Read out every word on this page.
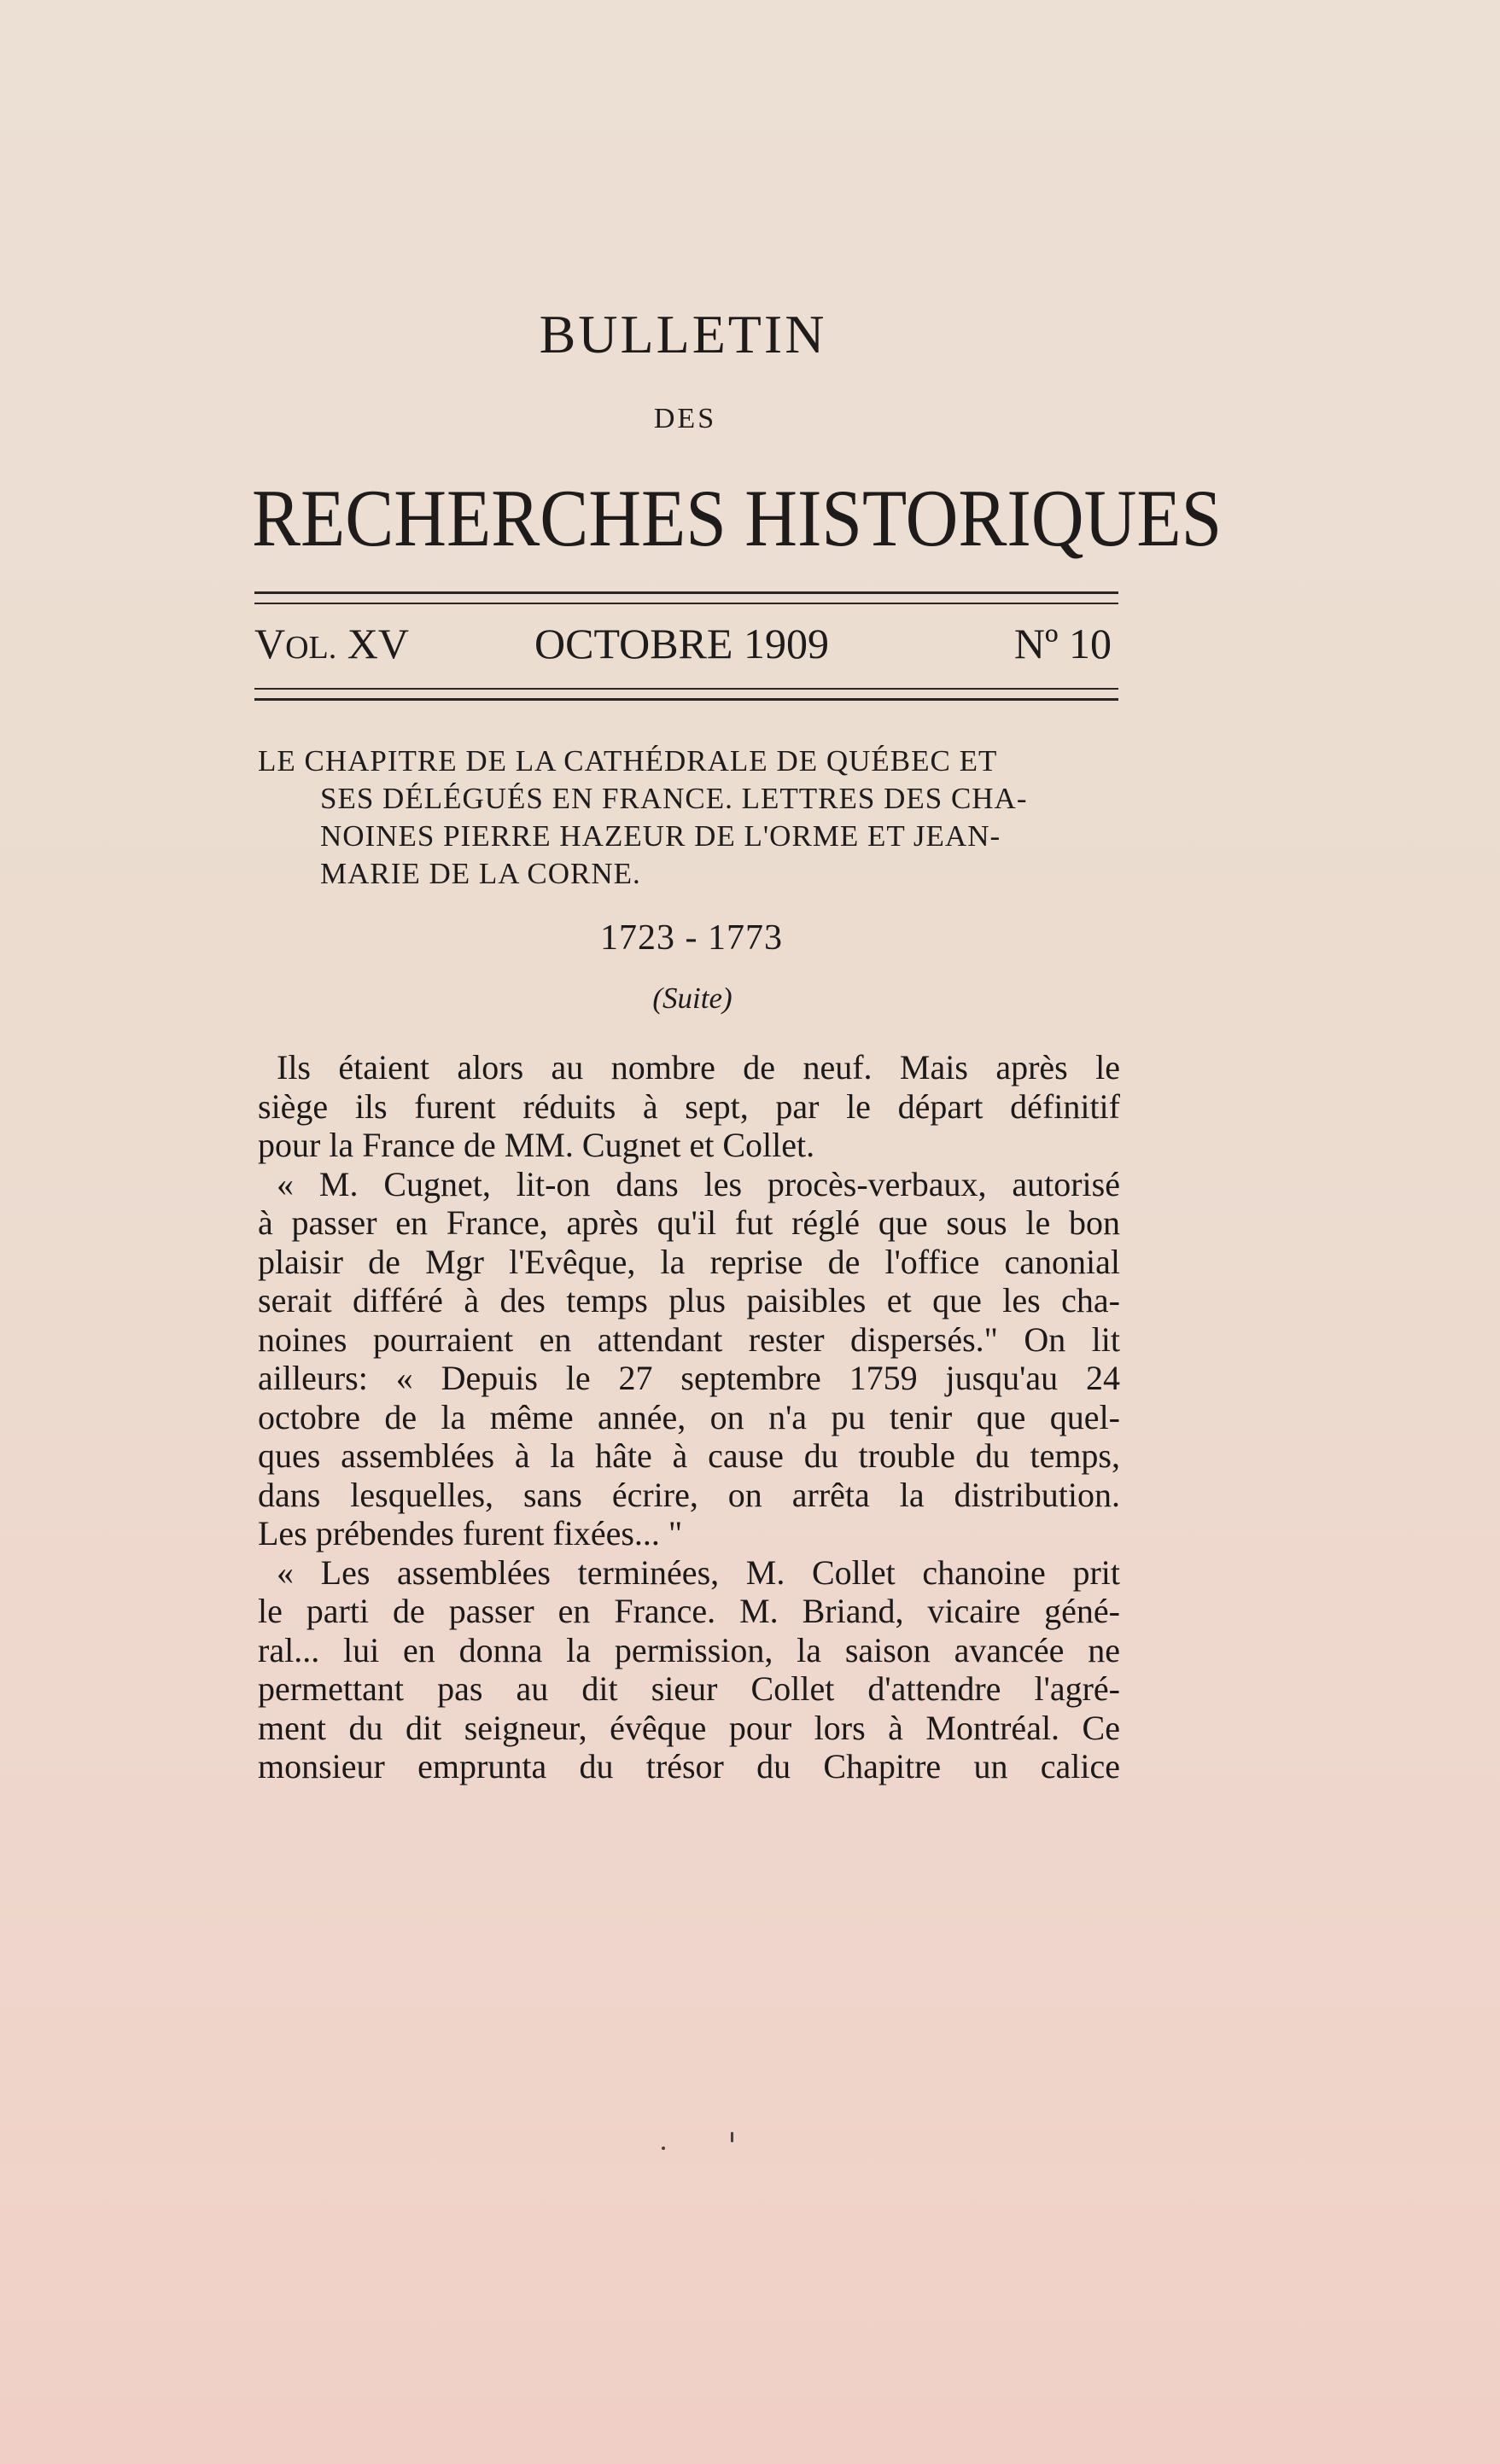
BULLETIN
DES
RECHERCHES HISTORIQUES
VOL. XV	OCTOBRE 1909	Nº 10
LE CHAPITRE DE LA CATHÉDRALE DE QUÉBEC ET
SES DÉLÉGUÉS EN FRANCE. LETTRES DES CHA-
NOINES PIERRE HAZEUR DE L'ORME ET JEAN-
MARIE DE LA CORNE.
1723 - 1773
(Suite)
Ils étaient alors au nombre de neuf. Mais après le
siège ils furent réduits à sept, par le départ définitif
pour la France de MM. Cugnet et Collet.
« M. Cugnet, lit-on dans les procès-verbaux, autorisé
à passer en France, après qu'il fut réglé que sous le bon
plaisir de Mgr l'Evêque, la reprise de l'office canonial
serait différé à des temps plus paisibles et que les cha-
noines pourraient en attendant rester dispersés." On lit
ailleurs: « Depuis le 27 septembre 1759 jusqu'au 24
octobre de la même année, on n'a pu tenir que quel-
ques assemblées à la hâte à cause du trouble du temps,
dans lesquelles, sans écrire, on arrêta la distribution.
Les prébendes furent fixées... "
« Les assemblées terminées, M. Collet chanoine prit
le parti de passer en France. M. Briand, vicaire géné-
ral... lui en donna la permission, la saison avancée ne
permettant pas au dit sieur Collet d'attendre l'agré-
ment du dit seigneur, évêque pour lors à Montréal. Ce
monsieur emprunta du trésor du Chapitre un calice
